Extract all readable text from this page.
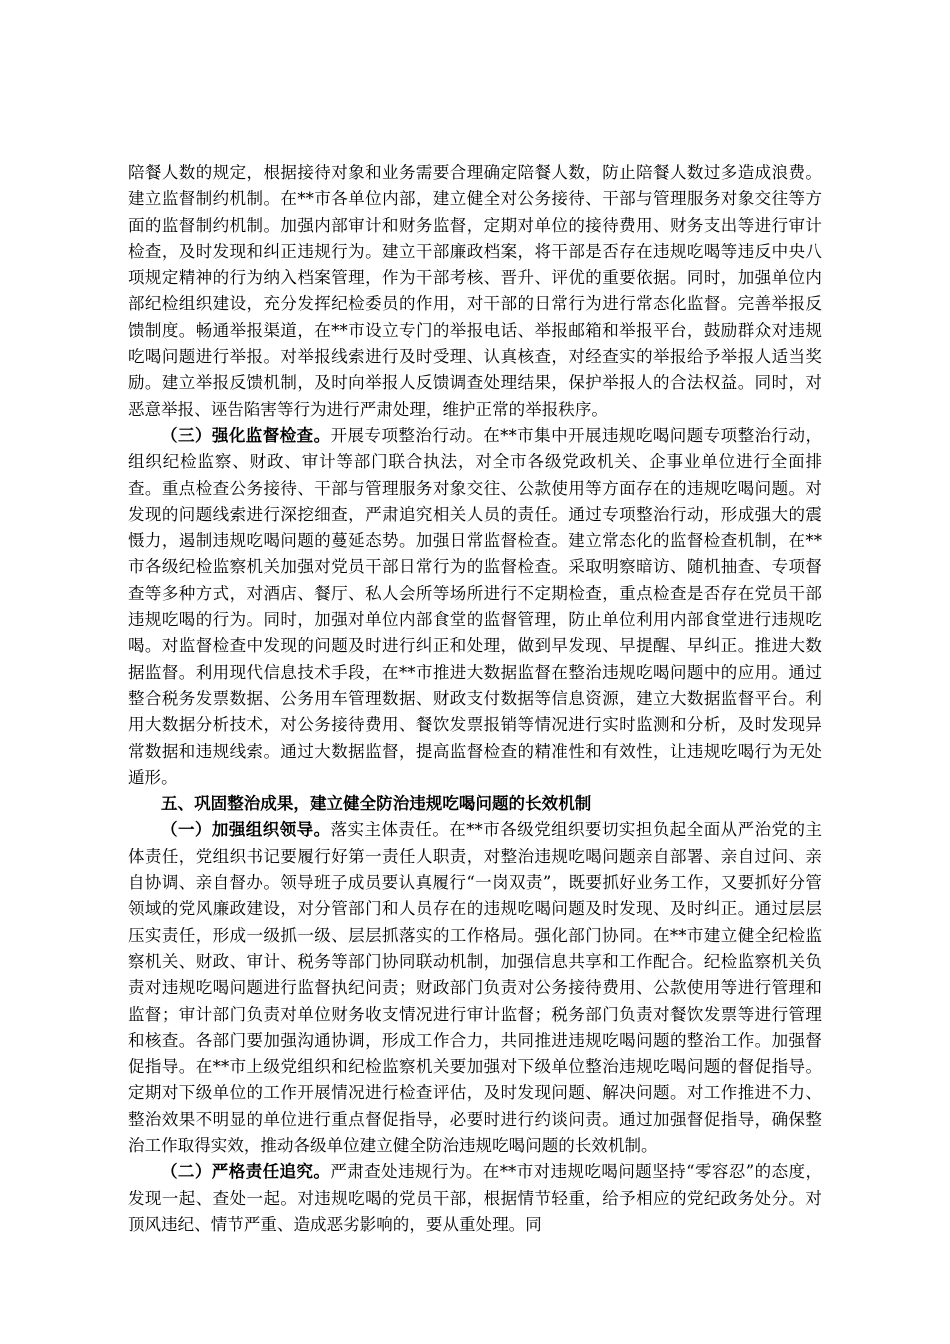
陪餐人数的规定，根据接待对象和业务需要合理确定陪餐人数，防止陪餐人数过多造成浪费。建立监督制约机制。在**市各单位内部，建立健全对公务接待、干部与管理服务对象交往等方面的监督制约机制。加强内部审计和财务监督，定期对单位的接待费用、财务支出等进行审计检查，及时发现和纠正违规行为。建立干部廉政档案，将干部是否存在违规吃喝等违反中央八项规定精神的行为纳入档案管理，作为干部考核、晋升、评优的重要依据。同时，加强单位内部纪检组织建设，充分发挥纪检委员的作用，对干部的日常行为进行常态化监督。完善举报反馈制度。畅通举报渠道，在**市设立专门的举报电话、举报邮箱和举报平台，鼓励群众对违规吃喝问题进行举报。对举报线索进行及时受理、认真核查，对经查实的举报给予举报人适当奖励。建立举报反馈机制，及时向举报人反馈调查处理结果，保护举报人的合法权益。同时，对恶意举报、诬告陷害等行为进行严肃处理，维护正常的举报秩序。

（三）强化监督检查。开展专项整治行动。在**市集中开展违规吃喝问题专项整治行动，组织纪检监察、财政、审计等部门联合执法，对全市各级党政机关、企事业单位进行全面排查。重点检查公务接待、干部与管理服务对象交往、公款使用等方面存在的违规吃喝问题。对发现的问题线索进行深挖细查，严肃追究相关人员的责任。通过专项整治行动，形成强大的震慑力，遏制违规吃喝问题的蔓延态势。加强日常监督检查。建立常态化的监督检查机制，在**市各级纪检监察机关加强对党员干部日常行为的监督检查。采取明察暗访、随机抽查、专项督查等多种方式，对酒店、餐厅、私人会所等场所进行不定期检查，重点检查是否存在党员干部违规吃喝的行为。同时，加强对单位内部食堂的监督管理，防止单位利用内部食堂进行违规吃喝。对监督检查中发现的问题及时进行纠正和处理，做到早发现、早提醒、早纠正。推进大数据监督。利用现代信息技术手段，在**市推进大数据监督在整治违规吃喝问题中的应用。通过整合税务发票数据、公务用车管理数据、财政支付数据等信息资源，建立大数据监督平台。利用大数据分析技术，对公务接待费用、餐饮发票报销等情况进行实时监测和分析，及时发现异常数据和违规线索。通过大数据监督，提高监督检查的精准性和有效性，让违规吃喝行为无处遁形。

五、巩固整治成果，建立健全防治违规吃喝问题的长效机制

（一）加强组织领导。落实主体责任。在**市各级党组织要切实担负起全面从严治党的主体责任，党组织书记要履行好第一责任人职责，对整治违规吃喝问题亲自部署、亲自过问、亲自协调、亲自督办。领导班子成员要认真履行“一岗双责”，既要抓好业务工作，又要抓好分管领域的党风廉政建设，对分管部门和人员存在的违规吃喝问题及时发现、及时纠正。通过层层压实责任，形成一级抓一级、层层抓落实的工作格局。强化部门协同。在**市建立健全纪检监察机关、财政、审计、税务等部门协同联动机制，加强信息共享和工作配合。纪检监察机关负责对违规吃喝问题进行监督执纪问责；财政部门负责对公务接待费用、公款使用等进行管理和监督；审计部门负责对单位财务收支情况进行审计监督；税务部门负责对餐饮发票等进行管理和核查。各部门要加强沟通协调，形成工作合力，共同推进违规吃喝问题的整治工作。加强督促指导。在**市上级党组织和纪检监察机关要加强对下级单位整治违规吃喝问题的督促指导。定期对下级单位的工作开展情况进行检查评估，及时发现问题、解决问题。对工作推进不力、整治效果不明显的单位进行重点督促指导，必要时进行约谈问责。通过加强督促指导，确保整治工作取得实效，推动各级单位建立健全防治违规吃喝问题的长效机制。

（二）严格责任追究。严肃查处违规行为。在**市对违规吃喝问题坚持“零容忍”的态度，发现一起、查处一起。对违规吃喝的党员干部，根据情节轻重，给予相应的党纪政务处分。对顶风违纪、情节严重、造成恶劣影响的，要从重处理。同
